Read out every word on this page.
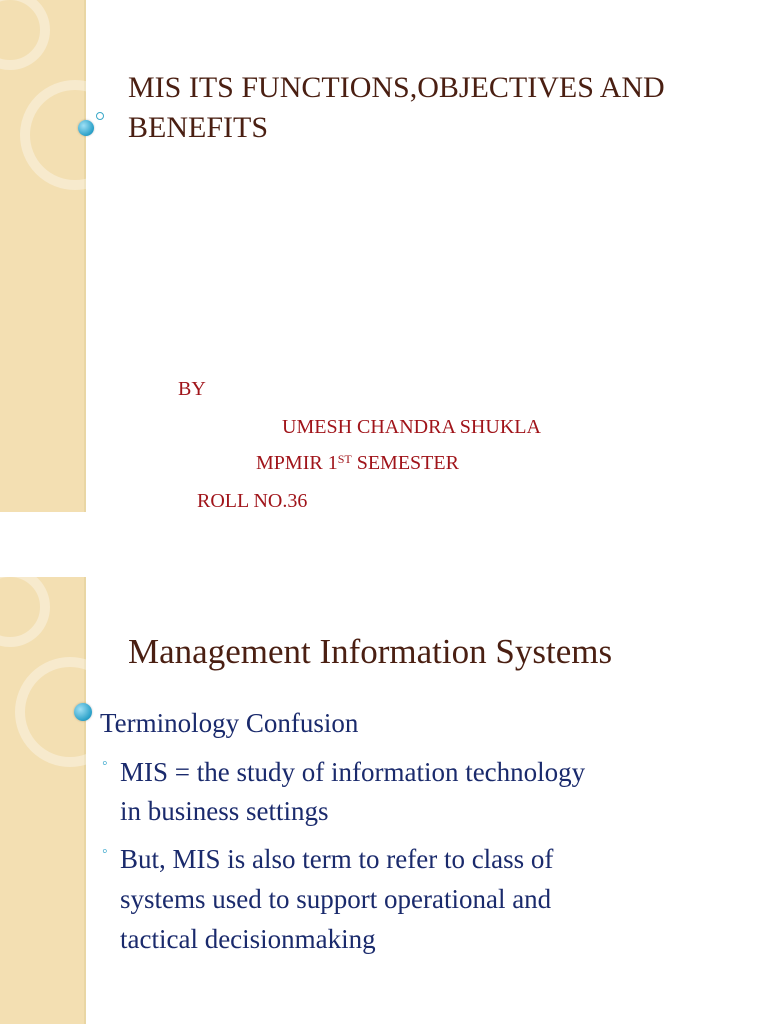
MIS ITS FUNCTIONS,OBJECTIVES AND BENEFITS
BY
UMESH CHANDRA SHUKLA
MPMIR 1ST SEMESTER
ROLL NO.36
Management Information Systems
Terminology Confusion
◦ MIS = the study of information technology
in business settings
◦ But, MIS is also term to refer to class of
systems used to support operational and
tactical decisionmaking
